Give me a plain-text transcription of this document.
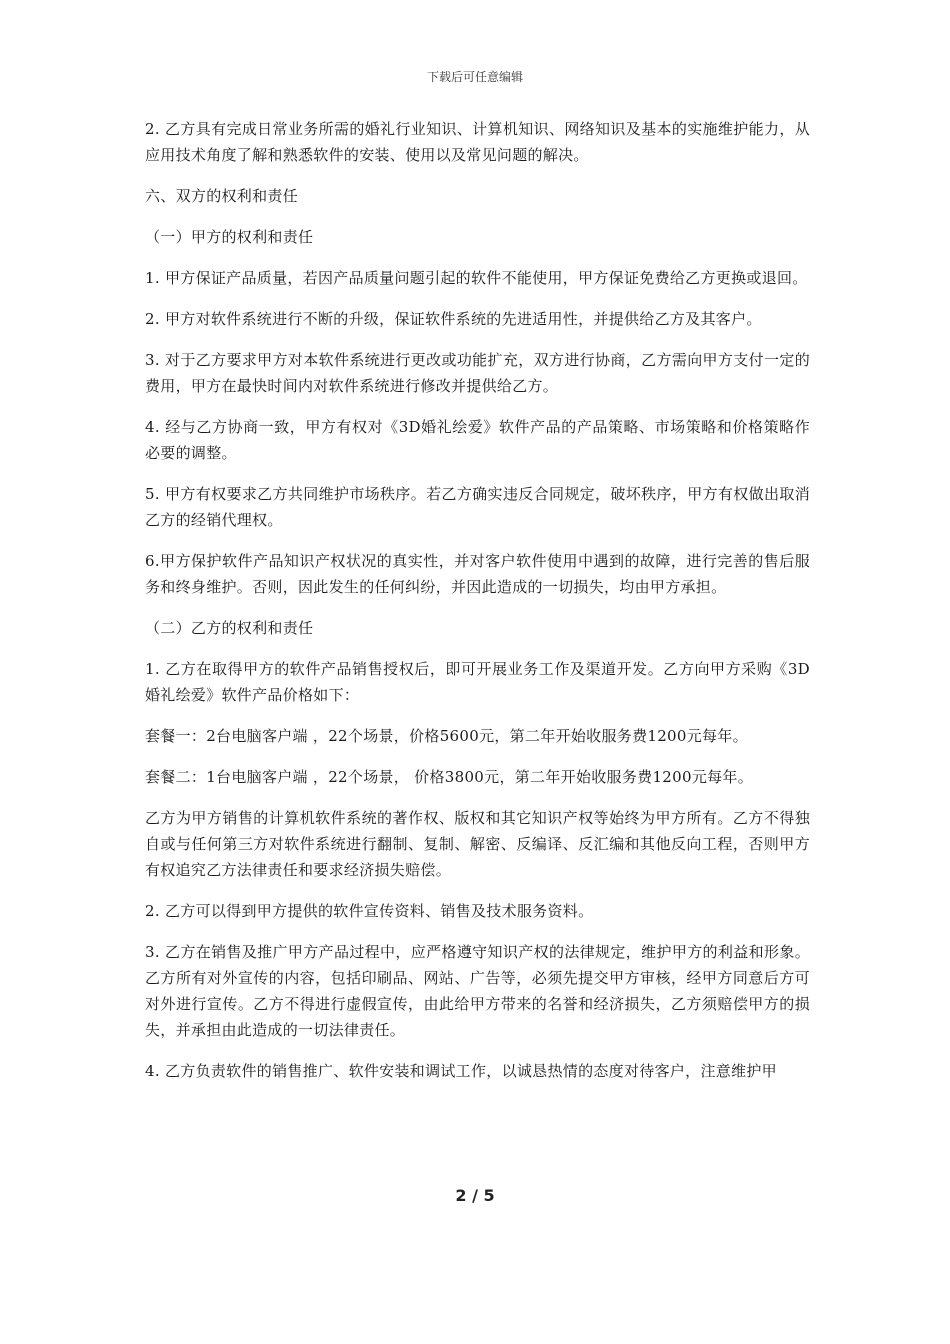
下载后可任意编辑

2. 乙方具有完成日常业务所需的婚礼行业知识、计算机知识、网络知识及基本的实施维护能力，从应用技术角度了解和熟悉软件的安装、使用以及常见问题的解决。

六、双方的权利和责任

（一）甲方的权利和责任

1. 甲方保证产品质量，若因产品质量问题引起的软件不能使用，甲方保证免费给乙方更换或退回。

2. 甲方对软件系统进行不断的升级，保证软件系统的先进适用性，并提供给乙方及其客户。

3. 对于乙方要求甲方对本软件系统进行更改或功能扩充，双方进行协商，乙方需向甲方支付一定的费用，甲方在最快时间内对软件系统进行修改并提供给乙方。

4. 经与乙方协商一致，甲方有权对《3D婚礼绘爱》软件产品的产品策略、市场策略和价格策略作必要的调整。

5. 甲方有权要求乙方共同维护市场秩序。若乙方确实违反合同规定，破坏秩序，甲方有权做出取消乙方的经销代理权。

6.甲方保护软件产品知识产权状况的真实性，并对客户软件使用中遇到的故障，进行完善的售后服务和终身维护。否则，因此发生的任何纠纷，并因此造成的一切损失，均由甲方承担。

（二）乙方的权利和责任

1. 乙方在取得甲方的软件产品销售授权后，即可开展业务工作及渠道开发。乙方向甲方采购《3D婚礼绘爱》软件产品价格如下：

套餐一：2台电脑客户端 ，22个场景，价格5600元，第二年开始收服务费1200元每年。

套餐二：1台电脑客户端 ，22个场景， 价格3800元，第二年开始收服务费1200元每年。

乙方为甲方销售的计算机软件系统的著作权、版权和其它知识产权等始终为甲方所有。乙方不得独自或与任何第三方对软件系统进行翻制、复制、解密、反编译、反汇编和其他反向工程，否则甲方有权追究乙方法律责任和要求经济损失赔偿。

2. 乙方可以得到甲方提供的软件宣传资料、销售及技术服务资料。

3. 乙方在销售及推广甲方产品过程中，应严格遵守知识产权的法律规定，维护甲方的利益和形象。乙方所有对外宣传的内容，包括印刷品、网站、广告等，必须先提交甲方审核，经甲方同意后方可对外进行宣传。乙方不得进行虚假宣传，由此给甲方带来的名誉和经济损失，乙方须赔偿甲方的损失，并承担由此造成的一切法律责任。

4. 乙方负责软件的销售推广、软件安装和调试工作，以诚恳热情的态度对待客户，注意维护甲

2 / 5
